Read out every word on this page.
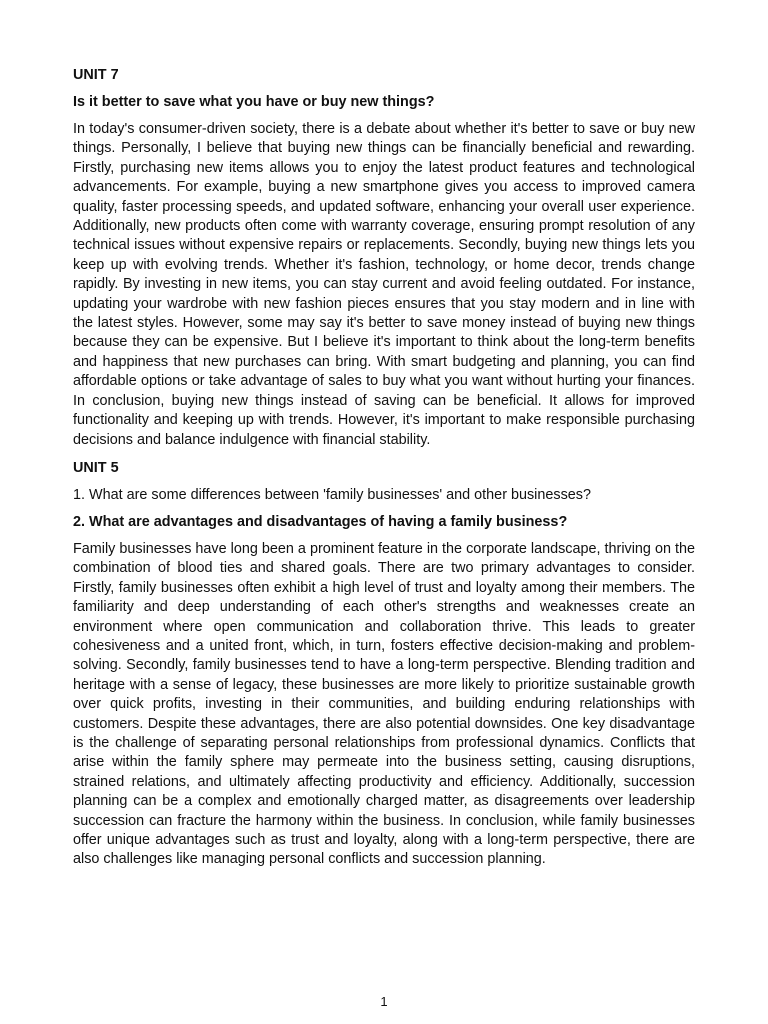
UNIT 7
Is it better to save what you have or buy new things?

In today's consumer-driven society, there is a debate about whether it's better to save or buy new things. Personally, I believe that buying new things can be financially beneficial and rewarding. Firstly, purchasing new items allows you to enjoy the latest product features and technological advancements. For example, buying a new smartphone gives you access to improved camera quality, faster processing speeds, and updated software, enhancing your overall user experience. Additionally, new products often come with warranty coverage, ensuring prompt resolution of any technical issues without expensive repairs or replacements. Secondly, buying new things lets you keep up with evolving trends. Whether it's fashion, technology, or home decor, trends change rapidly. By investing in new items, you can stay current and avoid feeling outdated. For instance, updating your wardrobe with new fashion pieces ensures that you stay modern and in line with the latest styles. However, some may say it's better to save money instead of buying new things because they can be expensive. But I believe it's important to think about the long-term benefits and happiness that new purchases can bring. With smart budgeting and planning, you can find affordable options or take advantage of sales to buy what you want without hurting your finances. In conclusion, buying new things instead of saving can be beneficial. It allows for improved functionality and keeping up with trends. However, it's important to make responsible purchasing decisions and balance indulgence with financial stability.

UNIT 5

1. What are some differences between 'family businesses' and other businesses?

2. What are advantages and disadvantages of having a family business?

Family businesses have long been a prominent feature in the corporate landscape, thriving on the combination of blood ties and shared goals. There are two primary advantages to consider. Firstly, family businesses often exhibit a high level of trust and loyalty among their members. The familiarity and deep understanding of each other's strengths and weaknesses create an environment where open communication and collaboration thrive. This leads to greater cohesiveness and a united front, which, in turn, fosters effective decision-making and problem-solving. Secondly, family businesses tend to have a long-term perspective. Blending tradition and heritage with a sense of legacy, these businesses are more likely to prioritize sustainable growth over quick profits, investing in their communities, and building enduring relationships with customers. Despite these advantages, there are also potential downsides. One key disadvantage is the challenge of separating personal relationships from professional dynamics. Conflicts that arise within the family sphere may permeate into the business setting, causing disruptions, strained relations, and ultimately affecting productivity and efficiency. Additionally, succession planning can be a complex and emotionally charged matter, as disagreements over leadership succession can fracture the harmony within the business. In conclusion, while family businesses offer unique advantages such as trust and loyalty, along with a long-term perspective, there are also challenges like managing personal conflicts and succession planning.

1
